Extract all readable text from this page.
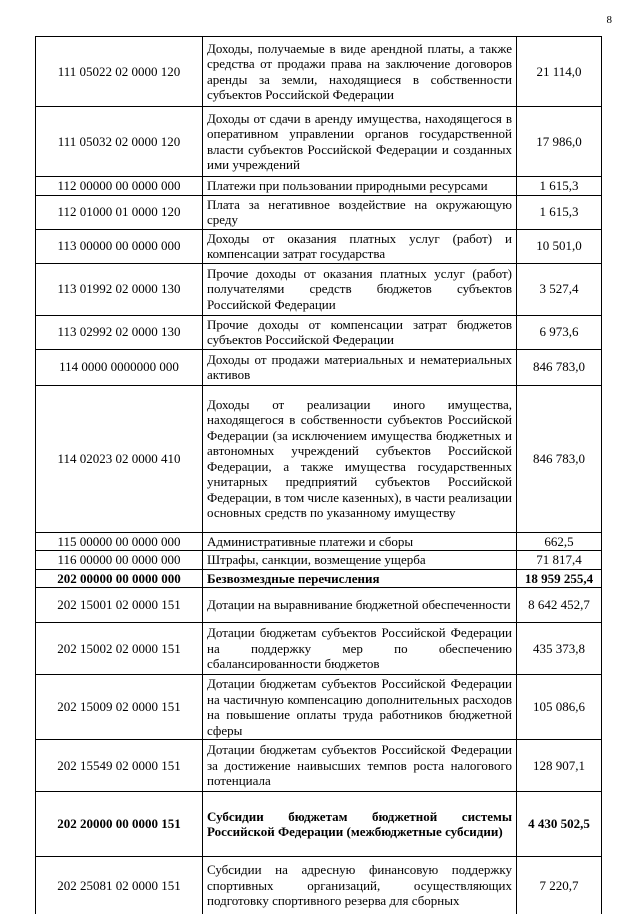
8
111 05022 02 0000 120	Доходы, получаемые в виде арендной платы, а также средства от продажи права на заключение договоров аренды за земли, находящиеся в собственности субъектов Российской Федерации	21 114,0
111 05032 02 0000 120	Доходы от сдачи в аренду имущества, находящегося в оперативном управлении органов государственной власти субъектов Российской Федерации и созданных ими учреждений	17 986,0
112 00000 00 0000 000	Платежи при пользовании природными ресурсами	1 615,3
112 01000 01 0000 120	Плата за негативное воздействие на окружающую среду	1 615,3
113 00000 00 0000 000	Доходы от оказания платных услуг (работ) и компенсации затрат государства	10 501,0
113 01992 02 0000 130	Прочие доходы от оказания платных услуг (работ) получателями средств бюджетов субъектов Российской Федерации	3 527,4
113 02992 02 0000 130	Прочие доходы от компенсации затрат бюджетов субъектов Российской Федерации	6 973,6
114 0000 0000000 000	Доходы от продажи материальных и нематериальных активов	846 783,0
114 02023 02 0000 410	Доходы от реализации иного имущества, находящегося в собственности субъектов Российской Федерации (за исключением имущества бюджетных и автономных учреждений субъектов Российской Федерации, а также имущества государственных унитарных предприятий субъектов Российской Федерации, в том числе казенных), в части реализации основных средств по указанному имуществу	846 783,0
115 00000 00 0000 000	Административные платежи и сборы	662,5
116 00000 00 0000 000	Штрафы, санкции, возмещение ущерба	71 817,4
202 00000 00 0000 000	Безвозмездные перечисления	18 959 255,4
202 15001 02 0000 151	Дотации на выравнивание бюджетной обеспеченности	8 642 452,7
202 15002 02 0000 151	Дотации бюджетам субъектов Российской Федерации на поддержку мер по обеспечению сбалансированности бюджетов	435 373,8
202 15009 02 0000 151	Дотации бюджетам субъектов Российской Федерации на частичную компенсацию дополнительных расходов на повышение оплаты труда работников бюджетной сферы	105 086,6
202 15549 02 0000 151	Дотации бюджетам субъектов Российской Федерации за достижение наивысших темпов роста налогового потенциала	128 907,1
202 20000 00 0000 151	Субсидии бюджетам бюджетной системы Российской Федерации (межбюджетные субсидии)	4 430 502,5
202 25081 02 0000 151	Субсидии на адресную финансовую поддержку спортивных организаций, осуществляющих подготовку спортивного резерва для сборных	7 220,7
